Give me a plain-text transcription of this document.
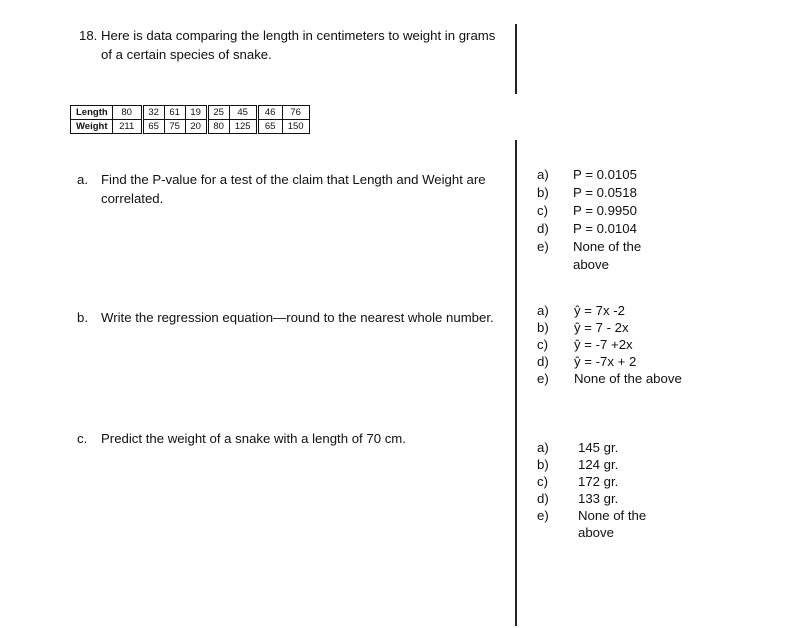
18. Here is data comparing the length in centimeters to weight in grams
of a certain species of snake.
Length	80	32	61	19	25	45	46	76
Weight	211	65	75	20	80	125	65	150
a. Find the P-value for a test of the claim that Length and Weight are
correlated.
a) P = 0.0105
b) P = 0.0518
c) P = 0.9950
d) P = 0.0104
e) None of the
above
b. Write the regression equation—round to the nearest whole number.	a) ŷ = 7x -2
b) ŷ = 7 - 2x
c) ŷ = -7 +2x
d) ŷ = -7x + 2
e) None of the above
c. Predict the weight of a snake with a length of 70 cm.
a) 145 gr.
b) 124 gr.
c) 172 gr.
d) 133 gr.
e) None of the
above
